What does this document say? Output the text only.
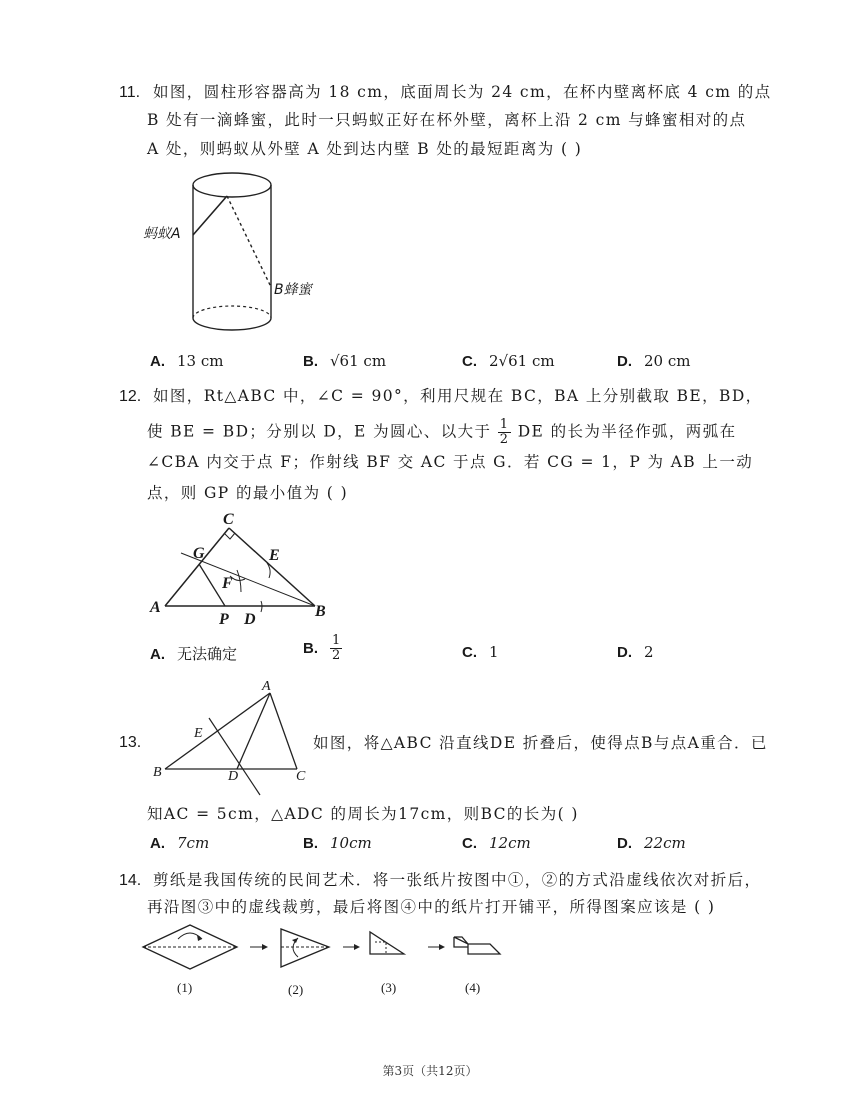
11. 如图，圆柱形容器高为 18 cm，底面周长为 24 cm，在杯内壁离杯底 4 cm 的点
B 处有一滴蜂蜜，此时一只蚂蚁正好在杯外壁，离杯上沿 2 cm 与蜂蜜相对的点
A 处，则蚂蚁从外壁 A 处到达内壁 B 处的最短距离为 ( )
蚂蚁A
B蜂蜜
A. 13 cm	B. √61 cm	C. 2√61 cm	D. 20 cm
12. 如图，Rt△ABC 中，∠C = 90°，利用尺规在 BC，BA 上分别截取 BE，BD，
使 BE = BD；分别以 D，E 为圆心、以大于 $\frac{1}{2}$ DE 的长为半径作弧，两弧在
∠CBA 内交于点 F；作射线 BF 交 AC 于点 G．若 CG = 1，P 为 AB 上一动
点，则 GP 的最小值为 ( )
C
G	E
F
A
P D	B
A. 无法确定	B. $\frac{1}{2}$	C. 1	D. 2
13.
A
E
B	D	C
如图，将△ABC 沿直线DE 折叠后，使得点B与点A重合．已
知AC = 5cm，△ADC 的周长为17cm，则BC的长为( )
A. 7cm	B. 10cm	C. 12cm	D. 22cm
14. 剪纸是我国传统的民间艺术．将一张纸片按图中①，②的方式沿虚线依次对折后，
再沿图③中的虚线裁剪，最后将图④中的纸片打开铺平，所得图案应该是 ( )
(1)	(2)	(3)	(4)
第3页（共12页）
